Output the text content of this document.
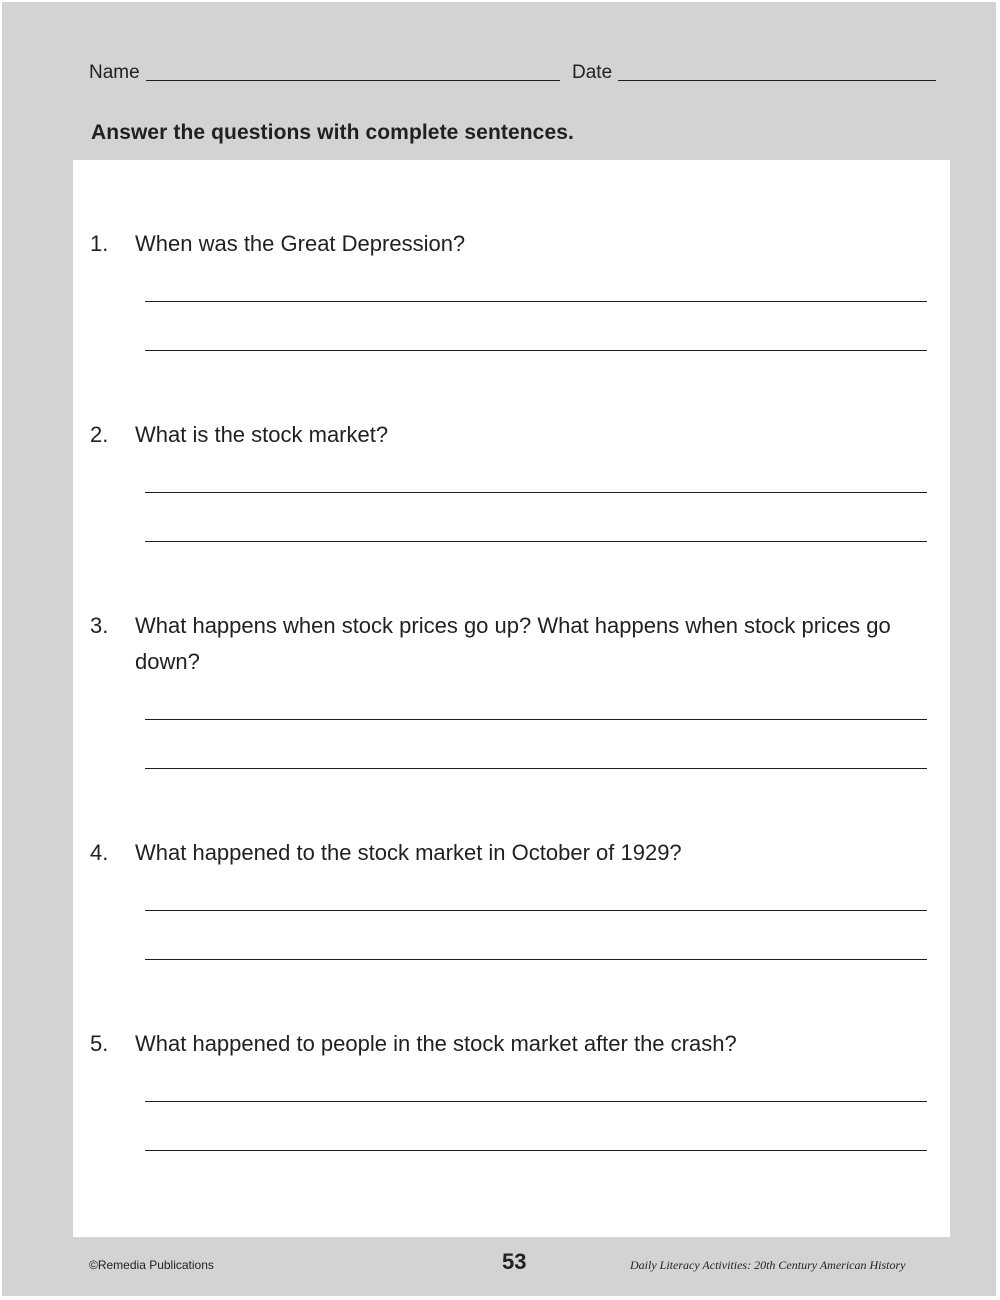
Name	Date
Answer the questions with complete sentences.
1. When was the Great Depression?
2. What is the stock market?
3. What happens when stock prices go up? What happens when stock prices go down?
4. What happened to the stock market in October of 1929?
5. What happened to people in the stock market after the crash?
©Remedia Publications	53	Daily Literacy Activities: 20th Century American History
